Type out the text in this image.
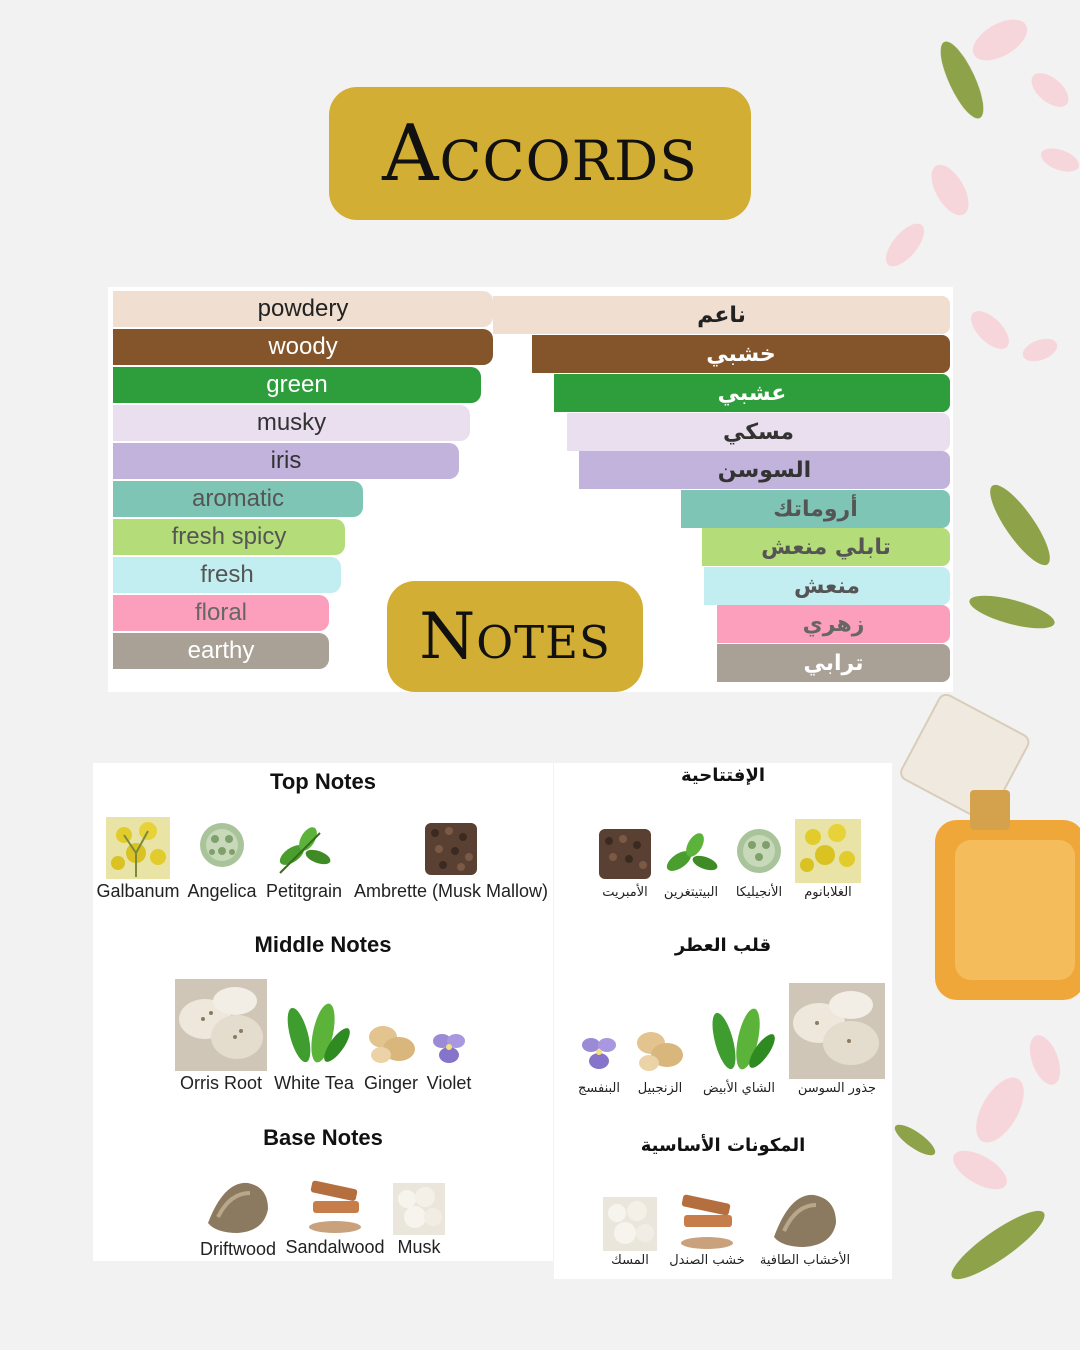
Accords
powdery
woody
green
musky
iris
aromatic
fresh spicy
fresh
floral
earthy
ناعم
خشبي
عشبي
مسكي
السوسن
أروماتك
تابلي منعش
منعش
زهري
ترابي
Notes
Top Notes
Galbanum Angelica Petitgrain Ambrette (Musk Mallow)
Middle Notes
Orris Root White Tea Ginger Violet
Base Notes
Driftwood Sandalwood Musk
الإفتتاحية
الغلابانوم
الأنجيليكا
البيتيتغرين
الأمبريت
قلب العطر
جذور السوسن
الشاي الأبيض
الزنجبيل
البنفسج
المكونات الأساسية
الأخشاب الطافية
خشب الصندل
المسك
